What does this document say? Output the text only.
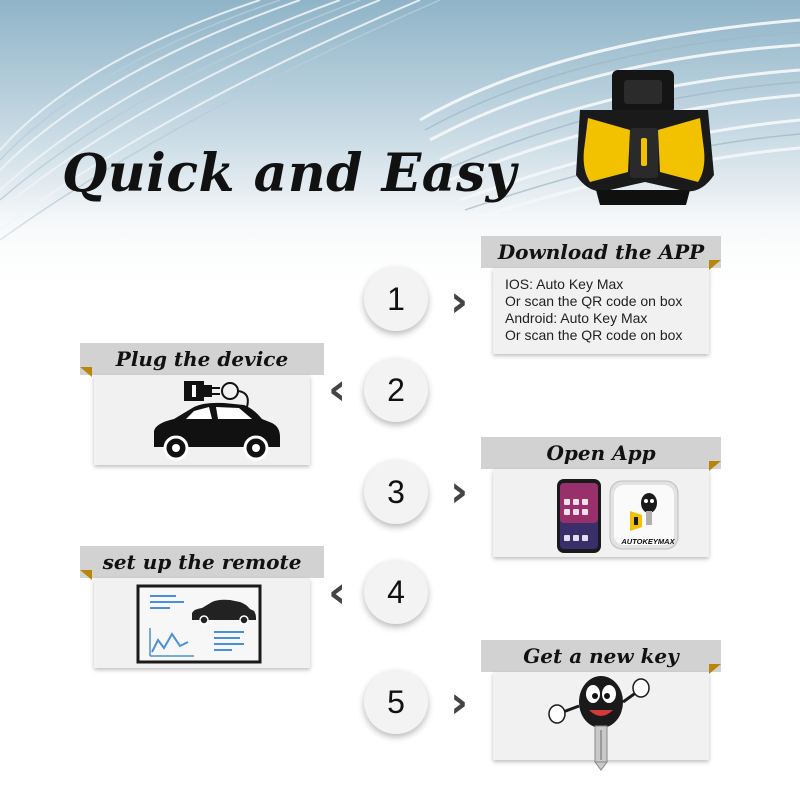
Quick and Easy
1	›
Download the APP
IOS: Auto Key Max
Or scan the QR code on box
Android: Auto Key Max
Or scan the QR code on box
2
‹
Plug the device
3	›
Open App
AUTOKEYMAX
4
‹
set up the remote
5	›
Get a new key
